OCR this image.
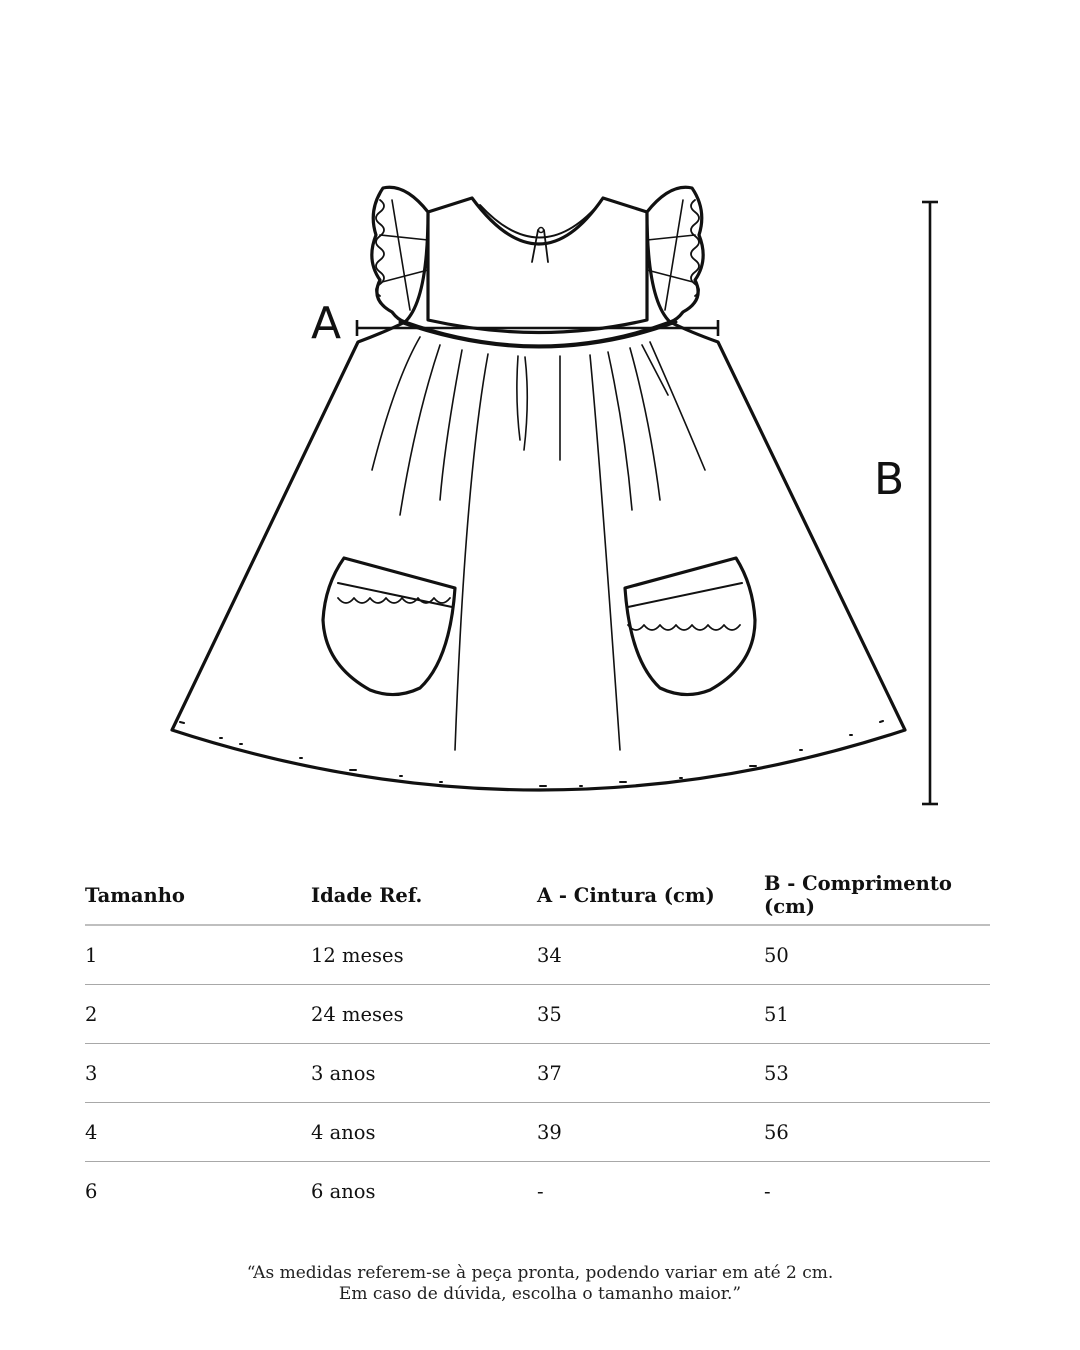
A
B
Tamanho	Idade Ref.	A - Cintura (cm)	B - Comprimento (cm)
1	12 meses	34	50
2	24 meses	35	51
3	3 anos	37	53
4	4 anos	39	56
6	6 anos	-	-
“As medidas referem-se à peça pronta, podendo variar em até 2 cm.
Em caso de dúvida, escolha o tamanho maior.”
